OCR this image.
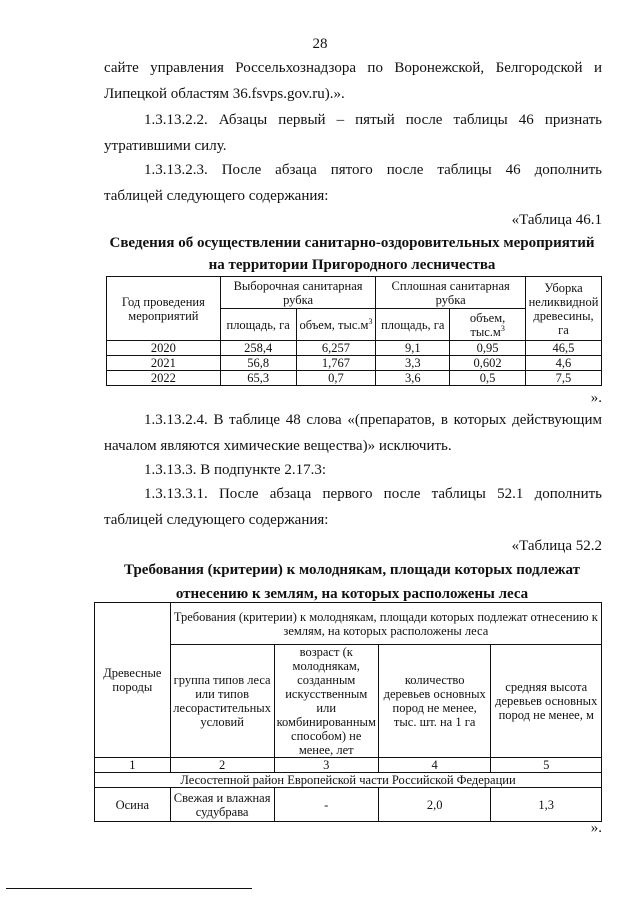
28
сайте управления Россельхознадзора по Воронежской, Белгородской и
Липецкой областям 36.fsvps.gov.ru).».
1.3.13.2.2. Абзацы первый – пятый после таблицы 46 признать
утратившими силу.
1.3.13.2.3. После абзаца пятого после таблицы 46 дополнить
таблицей следующего содержания:
«Таблица 46.1
Сведения об осуществлении санитарно-оздоровительных мероприятий
на территории Пригородного лесничества
Год проведения мероприятий	Выборочная санитарная рубка		Сплошная санитарная рубка		Уборка неликвидной древесины, га
	площадь, га	объем, $тыс.м^3$	площадь, га	объем, $тыс.м^3$
2020	258,4	6,257	9,1	0,95	46,5
2021	56,8	1,767	3,3	0,602	4,6
2022	65,3	0,7	3,6	0,5	7,5
».
1.3.13.2.4. В таблице 48 слова «(препаратов, в которых действующим
началом являются химические вещества)» исключить.
1.3.13.3. В подпункте 2.17.3:
1.3.13.3.1. После абзаца первого после таблицы 52.1 дополнить
таблицей следующего содержания:
«Таблица 52.2
Требования (критерии) к молоднякам, площади которых подлежат
отнесению к землям, на которых расположены леса
Древесные породы	Требования (критерии) к молоднякам, площади которых подлежат отнесению к землям, на которых расположены леса			
	группа типов леса или типов лесорастительных условий	возраст (к молоднякам, созданным искусственным или комбинированным способом) не менее, лет	количество деревьев основных пород не менее, тыс. шт. на 1 га	средняя высота деревьев основных пород не менее, м
1	2	3	4	5
Лесостепной район Европейской части Российской Федерации				
Осина	Свежая и влажная судубрава	-	2,0	1,3
».
